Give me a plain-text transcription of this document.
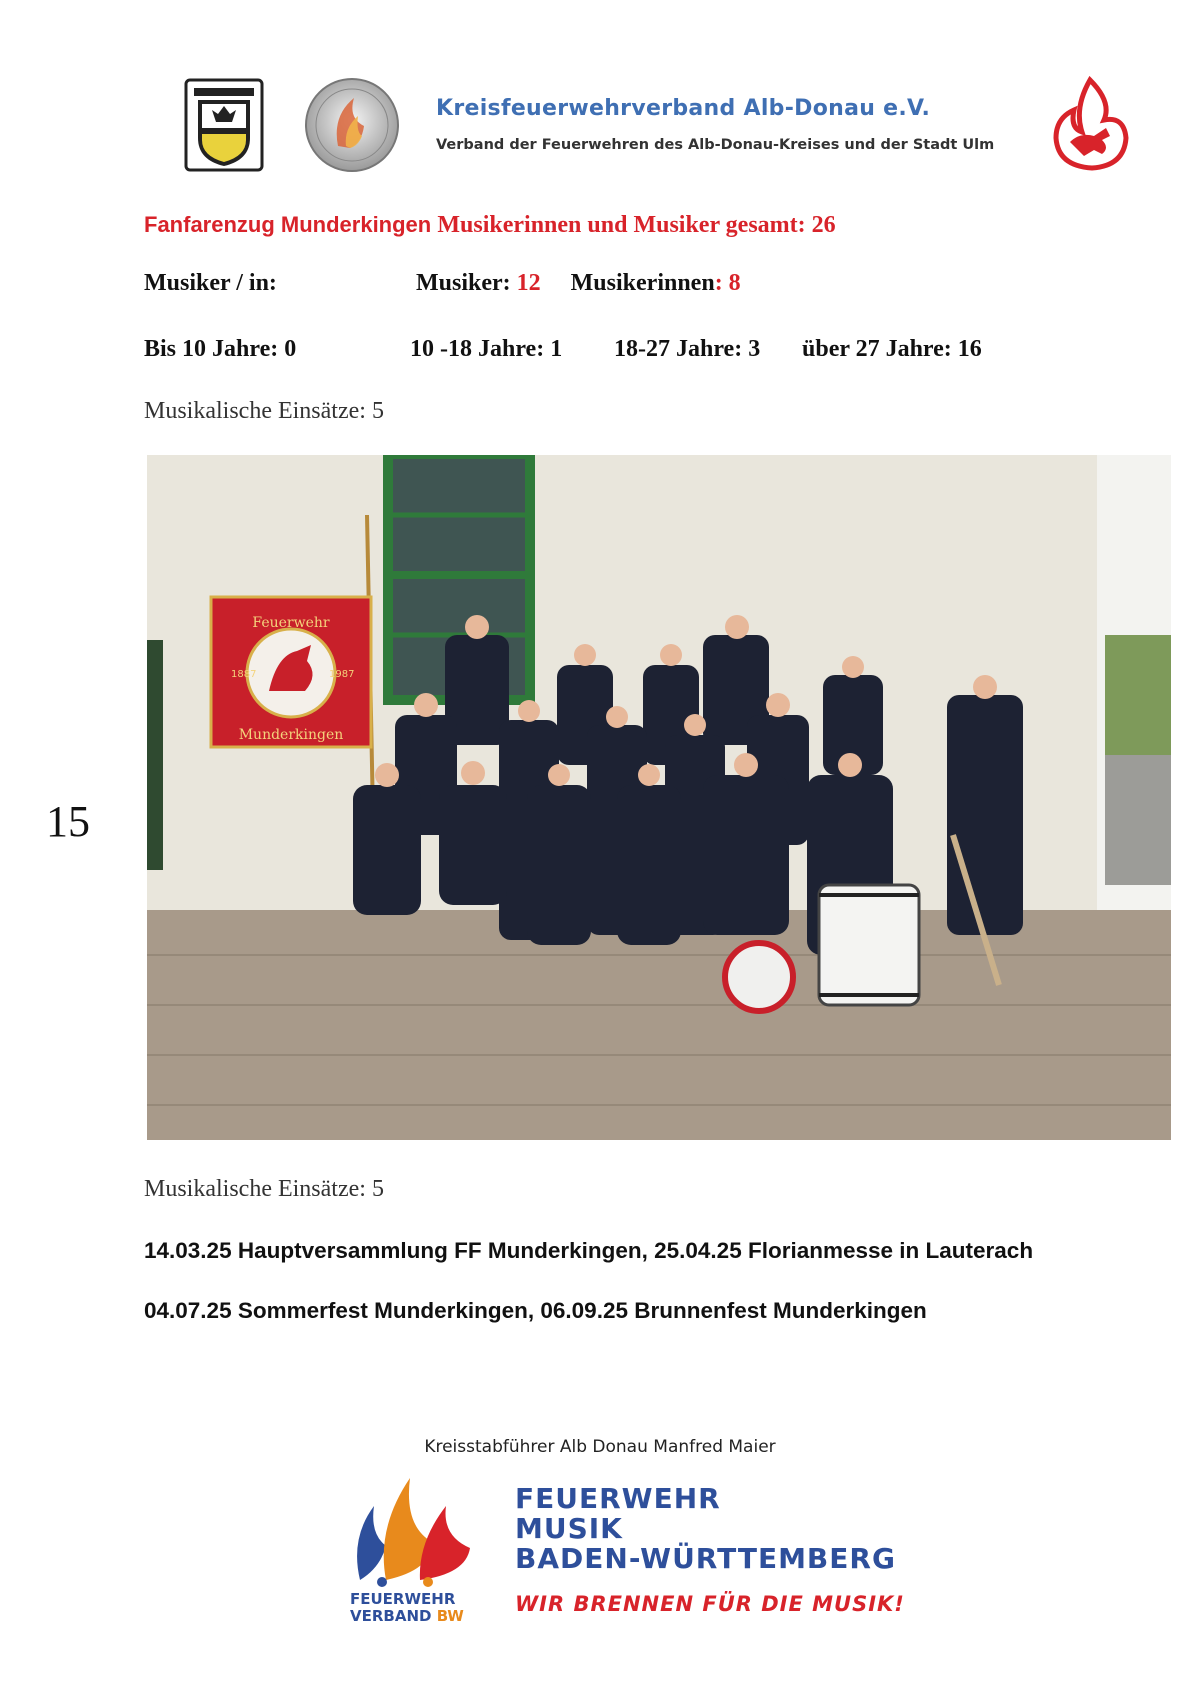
Kreisfeuerwehrverband Alb-Donau e.V.
Verband der Feuerwehren des Alb-Donau-Kreises und der Stadt Ulm
Fanfarenzug Munderkingen Musikerinnen und Musiker gesamt: 26
Musiker / in:	Musiker: 12 Musikerinnen: 8
Bis 10 Jahre: 0	10 -18 Jahre: 1 18-27 Jahre: 3 über 27 Jahre: 16
Musikalische Einsätze: 5
15
Feuerwehr
Munderkingen
1887	1987
Musikalische Einsätze: 5
14.03.25 Hauptversammlung FF Munderkingen, 25.04.25 Florianmesse in Lauterach
04.07.25 Sommerfest Munderkingen, 06.09.25 Brunnenfest Munderkingen
Kreisstabführer Alb Donau Manfred Maier
FEUERWEHR
VERBAND BW
FEUERWEHR
MUSIK
BADEN-WÜRTTEMBERG
WIR BRENNEN FÜR DIE MUSIK!
